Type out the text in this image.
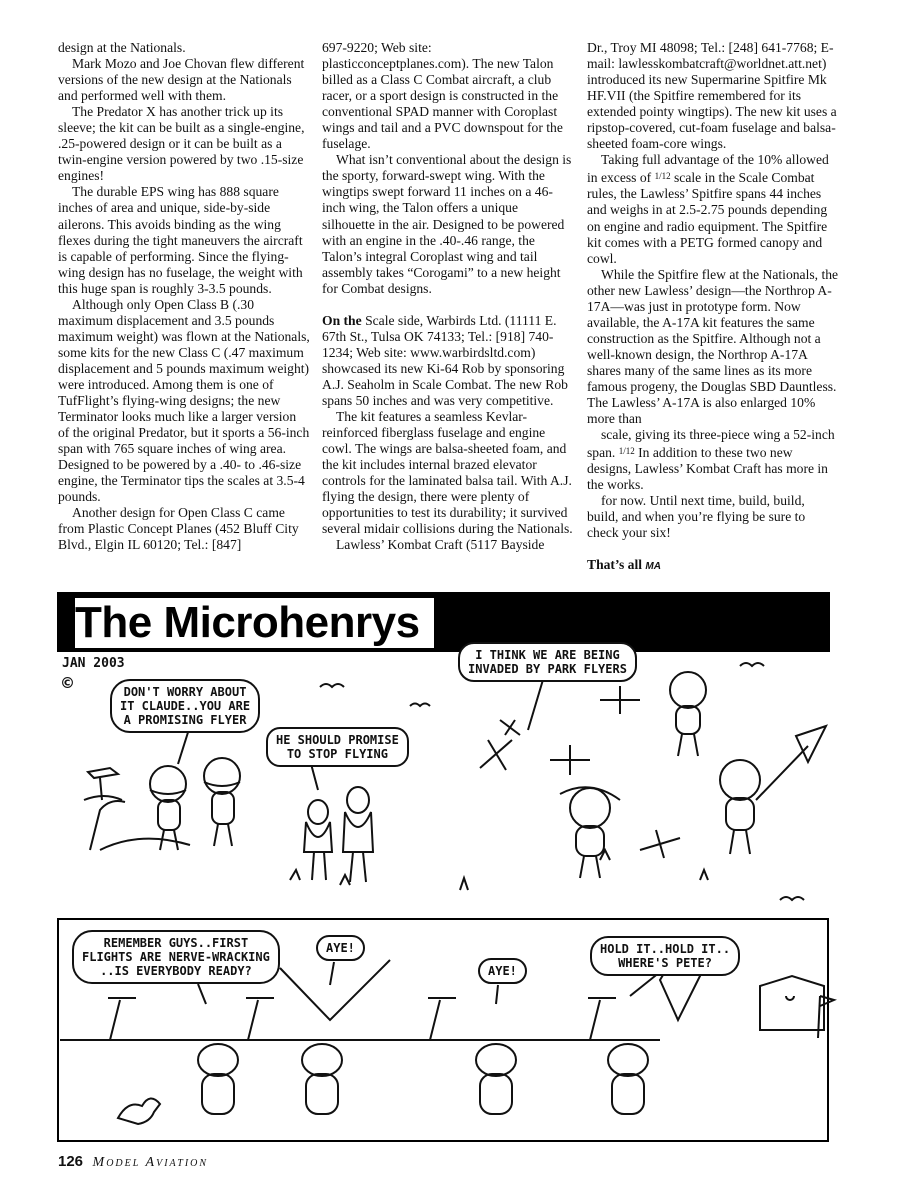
design at the Nationals.

Mark Mozo and Joe Chovan flew different versions of the new design at the Nationals and performed well with them.

The Predator X has another trick up its sleeve; the kit can be built as a single-engine, .25-powered design or it can be built as a twin-engine version powered by two .15-size engines!

The durable EPS wing has 888 square inches of area and unique, side-by-side ailerons. This avoids binding as the wing flexes during the tight maneuvers the aircraft is capable of performing. Since the flying-wing design has no fuselage, the weight with this huge span is roughly 3-3.5 pounds.

Although only Open Class B (.30 maximum displacement and 3.5 pounds maximum weight) was flown at the Nationals, some kits for the new Class C (.47 maximum displacement and 5 pounds maximum weight) were introduced. Among them is one of TufFlight’s flying-wing designs; the new Terminator looks much like a larger version of the original Predator, but it sports a 56-inch span with 765 square inches of wing area. Designed to be powered by a .40- to .46-size engine, the Terminator tips the scales at 3.5-4 pounds.

Another design for Open Class C came from Plastic Concept Planes (452 Bluff City Blvd., Elgin IL 60120; Tel.: [847]

697-9220; Web site: plasticconceptplanes.com). The new Talon billed as a Class C Combat aircraft, a club racer, or a sport design is constructed in the conventional SPAD manner with Coroplast wings and tail and a PVC downspout for the fuselage.

What isn’t conventional about the design is the sporty, forward-swept wing. With the wingtips swept forward 11 inches on a 46-inch wing, the Talon offers a unique silhouette in the air. Designed to be powered with an engine in the .40-.46 range, the Talon’s integral Coroplast wing and tail assembly takes “Corogami” to a new height for Combat designs.

On the Scale side, Warbirds Ltd. (11111 E. 67th St., Tulsa OK 74133; Tel.: [918] 740-1234; Web site: www.warbirdsltd.com) showcased its new Ki-64 Rob by sponsoring A.J. Seaholm in Scale Combat. The new Rob spans 50 inches and was very competitive.

The kit features a seamless Kevlar-reinforced fiberglass fuselage and engine cowl. The wings are balsa-sheeted foam, and the kit includes internal brazed elevator controls for the laminated balsa tail. With A.J. flying the design, there were plenty of opportunities to test its durability; it survived several midair collisions during the Nationals.

Lawless’ Kombat Craft (5117 Bayside

Dr., Troy MI 48098; Tel.: [248] 641-7768; E-mail: lawlesskombatcraft@worldnet.att.net) introduced its new Supermarine Spitfire Mk HF.VII (the Spitfire remembered for its extended pointy wingtips). The new kit uses a ripstop-covered, cut-foam fuselage and balsa-sheeted foam-core wings.

Taking full advantage of the 10% allowed in excess of $^{1/12}$ scale in the Scale Combat rules, the Lawless’ Spitfire spans 44 inches and weighs in at 2.5-2.75 pounds depending on engine and radio equipment. The Spitfire kit comes with a PETG formed canopy and cowl.

While the Spitfire flew at the Nationals, the other new Lawless’ design—the Northrop A-17A—was just in prototype form. Now available, the A-17A kit features the same construction as the Spitfire. Although not a well-known design, the Northrop A-17A shares many of the same lines as its more famous progeny, the Douglas SBD Dauntless. The Lawless’ A-17A is also enlarged 10% more than

scale, giving its three-piece wing a 52-inch span. $^{1/12}$ In addition to these two new designs, Lawless’ Kombat Craft has more in the works.

for now. Until next time, build, build, build, and when you’re flying be sure to check your six!

That’s all MA

The Microhenrys
JAN 2003
©	DON'T WORRY ABOUT
IT CLAUDE..YOU ARE
A PROMISING FLYER
HE SHOULD PROMISE
TO STOP FLYING
I THINK WE ARE BEING
INVADED BY PARK FLYERS
REMEMBER GUYS..FIRST
FLIGHTS ARE NERVE-WRACKING
..IS EVERYBODY READY?
AYE!
AYE!
HOLD IT..HOLD IT..
WHERE'S PETE?
126 Model Aviation
